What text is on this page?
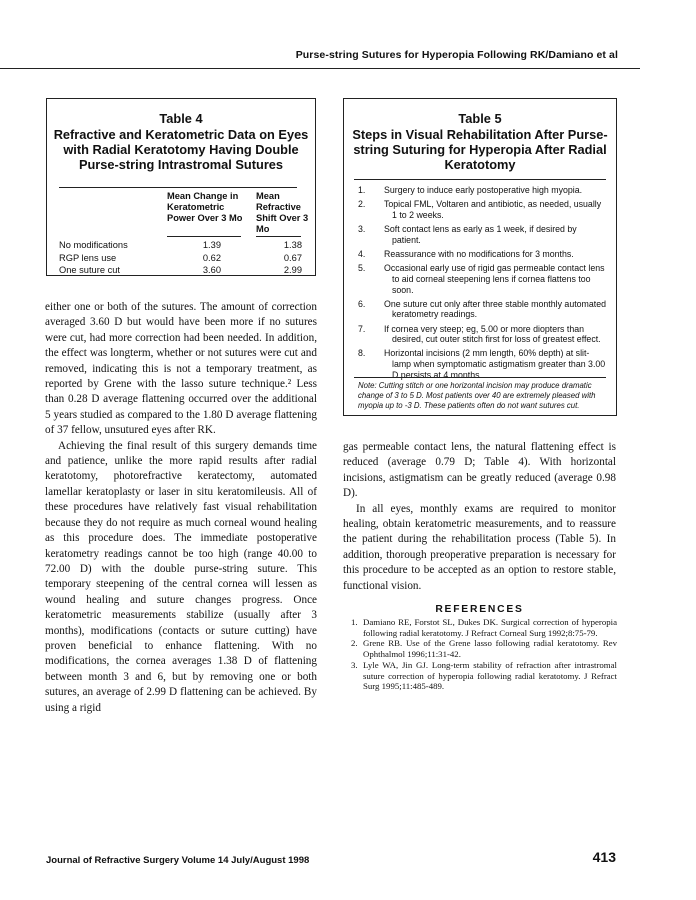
Purse-string Sutures for Hyperopia Following RK/Damiano et al
Table 4
Refractive and Keratometric Data on Eyes with Radial Keratotomy Having Double Purse-string Intrastromal Sutures
Mean Change in Keratometric Power Over 3 Mo
Mean Refractive Shift Over 3 Mo
No modifications	1.39	1.38
RGP lens use	0.62	0.67
One suture cut	3.60	2.99
Table 5
Steps in Visual Rehabilitation After Purse-string Suturing for Hyperopia After Radial Keratotomy
1. Surgery to induce early postoperative high myopia.
2. Topical FML, Voltaren and antibiotic, as needed, usually 1 to 2 weeks.
3. Soft contact lens as early as 1 week, if desired by patient.
4. Reassurance with no modifications for 3 months.
5. Occasional early use of rigid gas permeable contact lens to aid corneal steepening lens if cornea flattens too soon.
6. One suture cut only after three stable monthly automated keratometry readings.
7. If cornea very steep; eg, 5.00 or more diopters than desired, cut outer stitch first for loss of greatest effect.
8. Horizontal incisions (2 mm length, 60% depth) at slit-lamp when symptomatic astigmatism greater than 3.00 D persists at 4 months.
Note: Cutting stitch or one horizontal incision may produce dramatic change of 3 to 5 D. Most patients over 40 are extremely pleased with myopia up to -3 D. These patients often do not want sutures cut.

either one or both of the sutures. The amount of correction averaged 3.60 D but would have been more if no sutures were cut, had more correction had been needed. In addition, the effect was longterm, whether or not sutures were cut and removed, indicating this is not a temporary treatment, as reported by Grene with the lasso suture technique.² Less than 0.28 D average flattening occurred over the additional 5 years studied as compared to the 1.80 D average flattening of 37 fellow, unsutured eyes after RK.

Achieving the final result of this surgery demands time and patience, unlike the more rapid results after radial keratotomy, photorefractive keratectomy, automated lamellar keratoplasty or laser in situ keratomileusis. All of these procedures have relatively fast visual rehabilitation because they do not require as much corneal wound healing as this procedure does. The immediate postoperative keratometry readings cannot be too high (range 40.00 to 72.00 D) with the double purse-string suture. This temporary steepening of the central cornea will lessen as wound healing and suture changes progress. Once keratometric measurements stabilize (usually after 3 months), modifications (contacts or suture cutting) have proven beneficial to enhance flattening. With no modifications, the cornea averages 1.38 D of flattening between month 3 and 6, but by removing one or both sutures, an average of 2.99 D flattening can be achieved. By using a rigid

gas permeable contact lens, the natural flattening effect is reduced (average 0.79 D; Table 4). With horizontal incisions, astigmatism can be greatly reduced (average 0.98 D).

In all eyes, monthly exams are required to monitor healing, obtain keratometric measurements, and to reassure the patient during the rehabilitation process (Table 5). In addition, thorough preoperative preparation is necessary for this procedure to be accepted as an option to restore stable, functional vision.

REFERENCES
1. Damiano RE, Forstot SL, Dukes DK. Surgical correction of hyperopia following radial keratotomy. J Refract Corneal Surg 1992;8:75-79.
2. Grene RB. Use of the Grene lasso following radial keratotomy. Rev Ophthalmol 1996;11:31-42.
3. Lyle WA, Jin GJ. Long-term stability of refraction after intrastromal suture correction of hyperopia following radial keratotomy. J Refract Surg 1995;11:485-489.
Journal of Refractive Surgery Volume 14 July/August 1998	413
